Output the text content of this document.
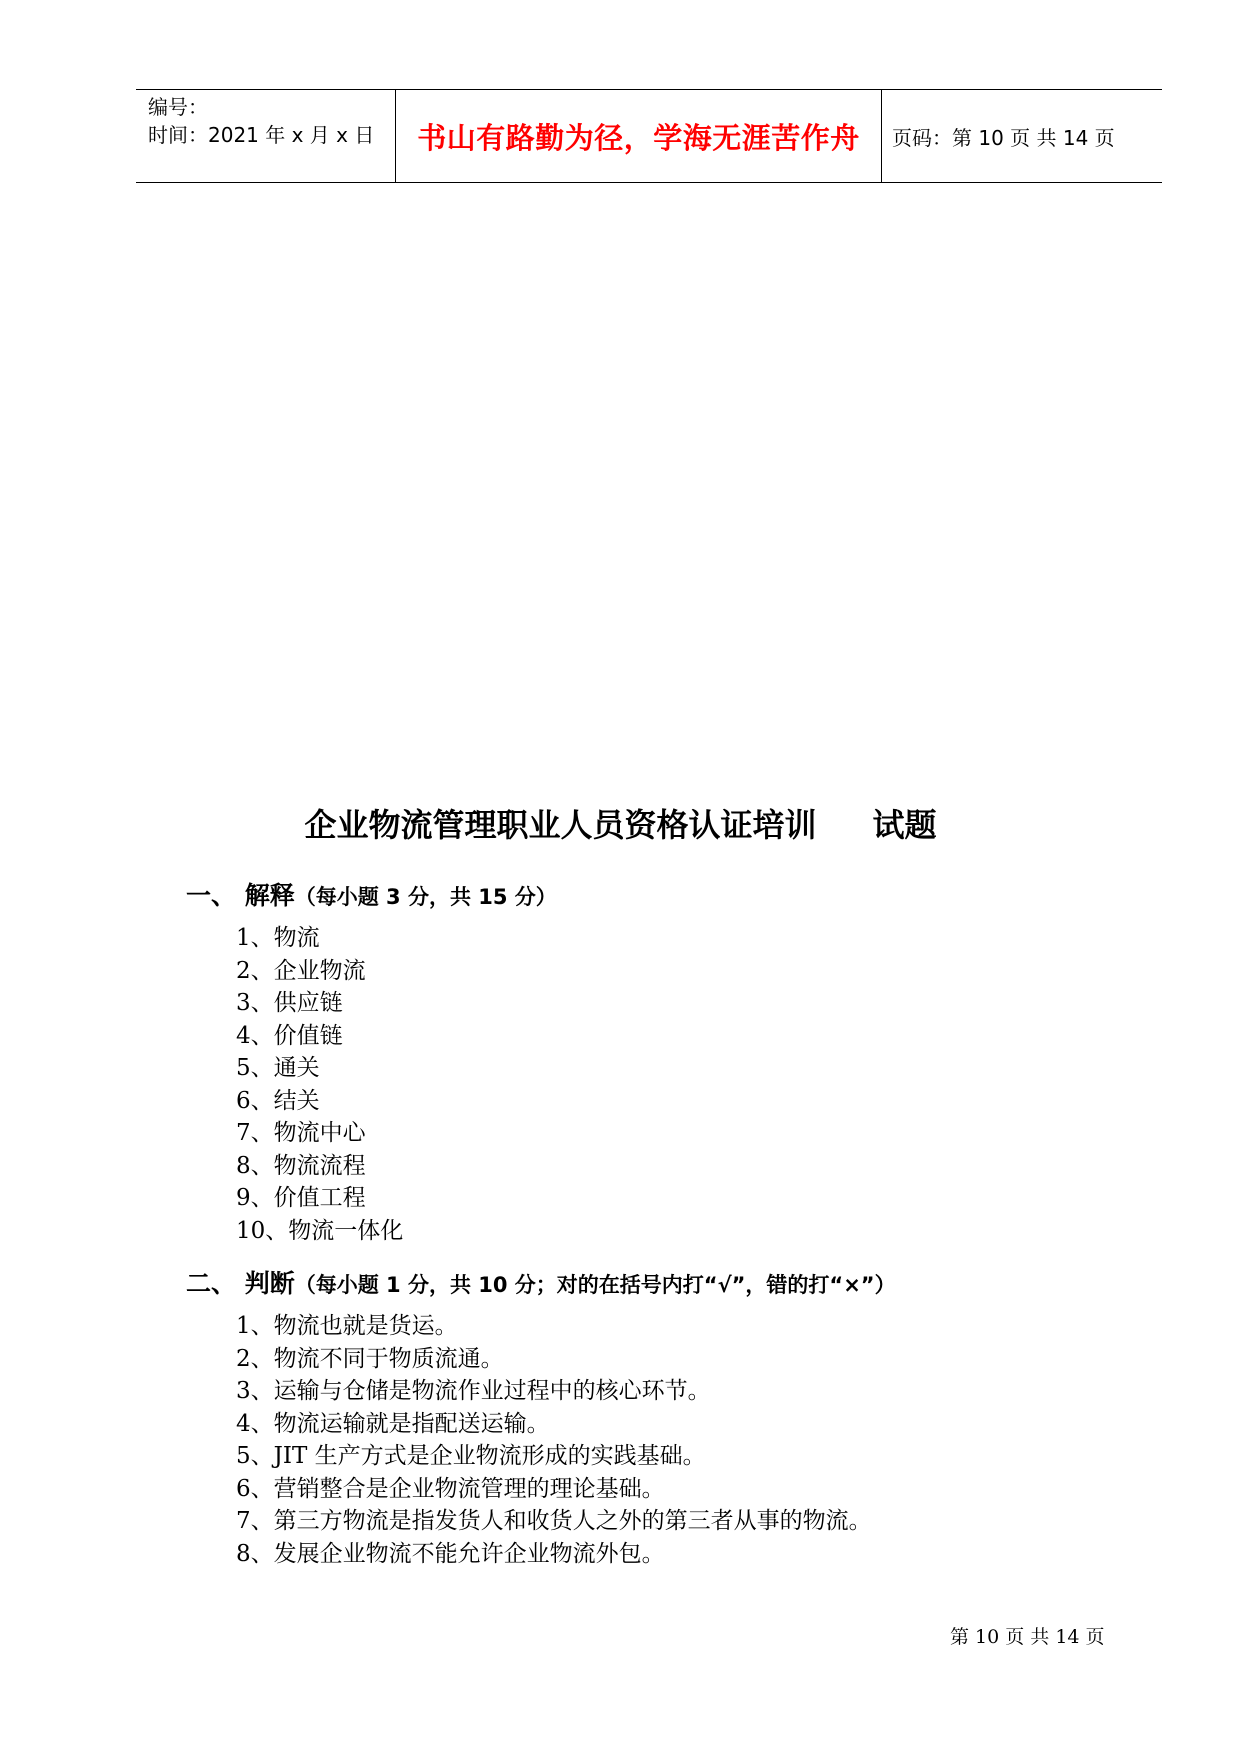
编号：
时间：2021 年 x 月 x 日	书山有路勤为径，学海无涯苦作舟 页码：第 10 页 共 14 页
企业物流管理职业人员资格认证培训 试题
一、 解释（每小题 3 分，共 15 分）
1、物流
2、企业物流
3、供应链
4、价值链
5、通关
6、结关
7、物流中心
8、物流流程
9、价值工程
10、物流一体化
二、 判断（每小题 1 分，共 10 分；对的在括号内打“√”，错的打“×”）
1、物流也就是货运。
2、物流不同于物质流通。
3、运输与仓储是物流作业过程中的核心环节。
4、物流运输就是指配送运输。
5、JIT 生产方式是企业物流形成的实践基础。
6、营销整合是企业物流管理的理论基础。
7、第三方物流是指发货人和收货人之外的第三者从事的物流。
8、发展企业物流不能允许企业物流外包。
第 10 页 共 14 页
